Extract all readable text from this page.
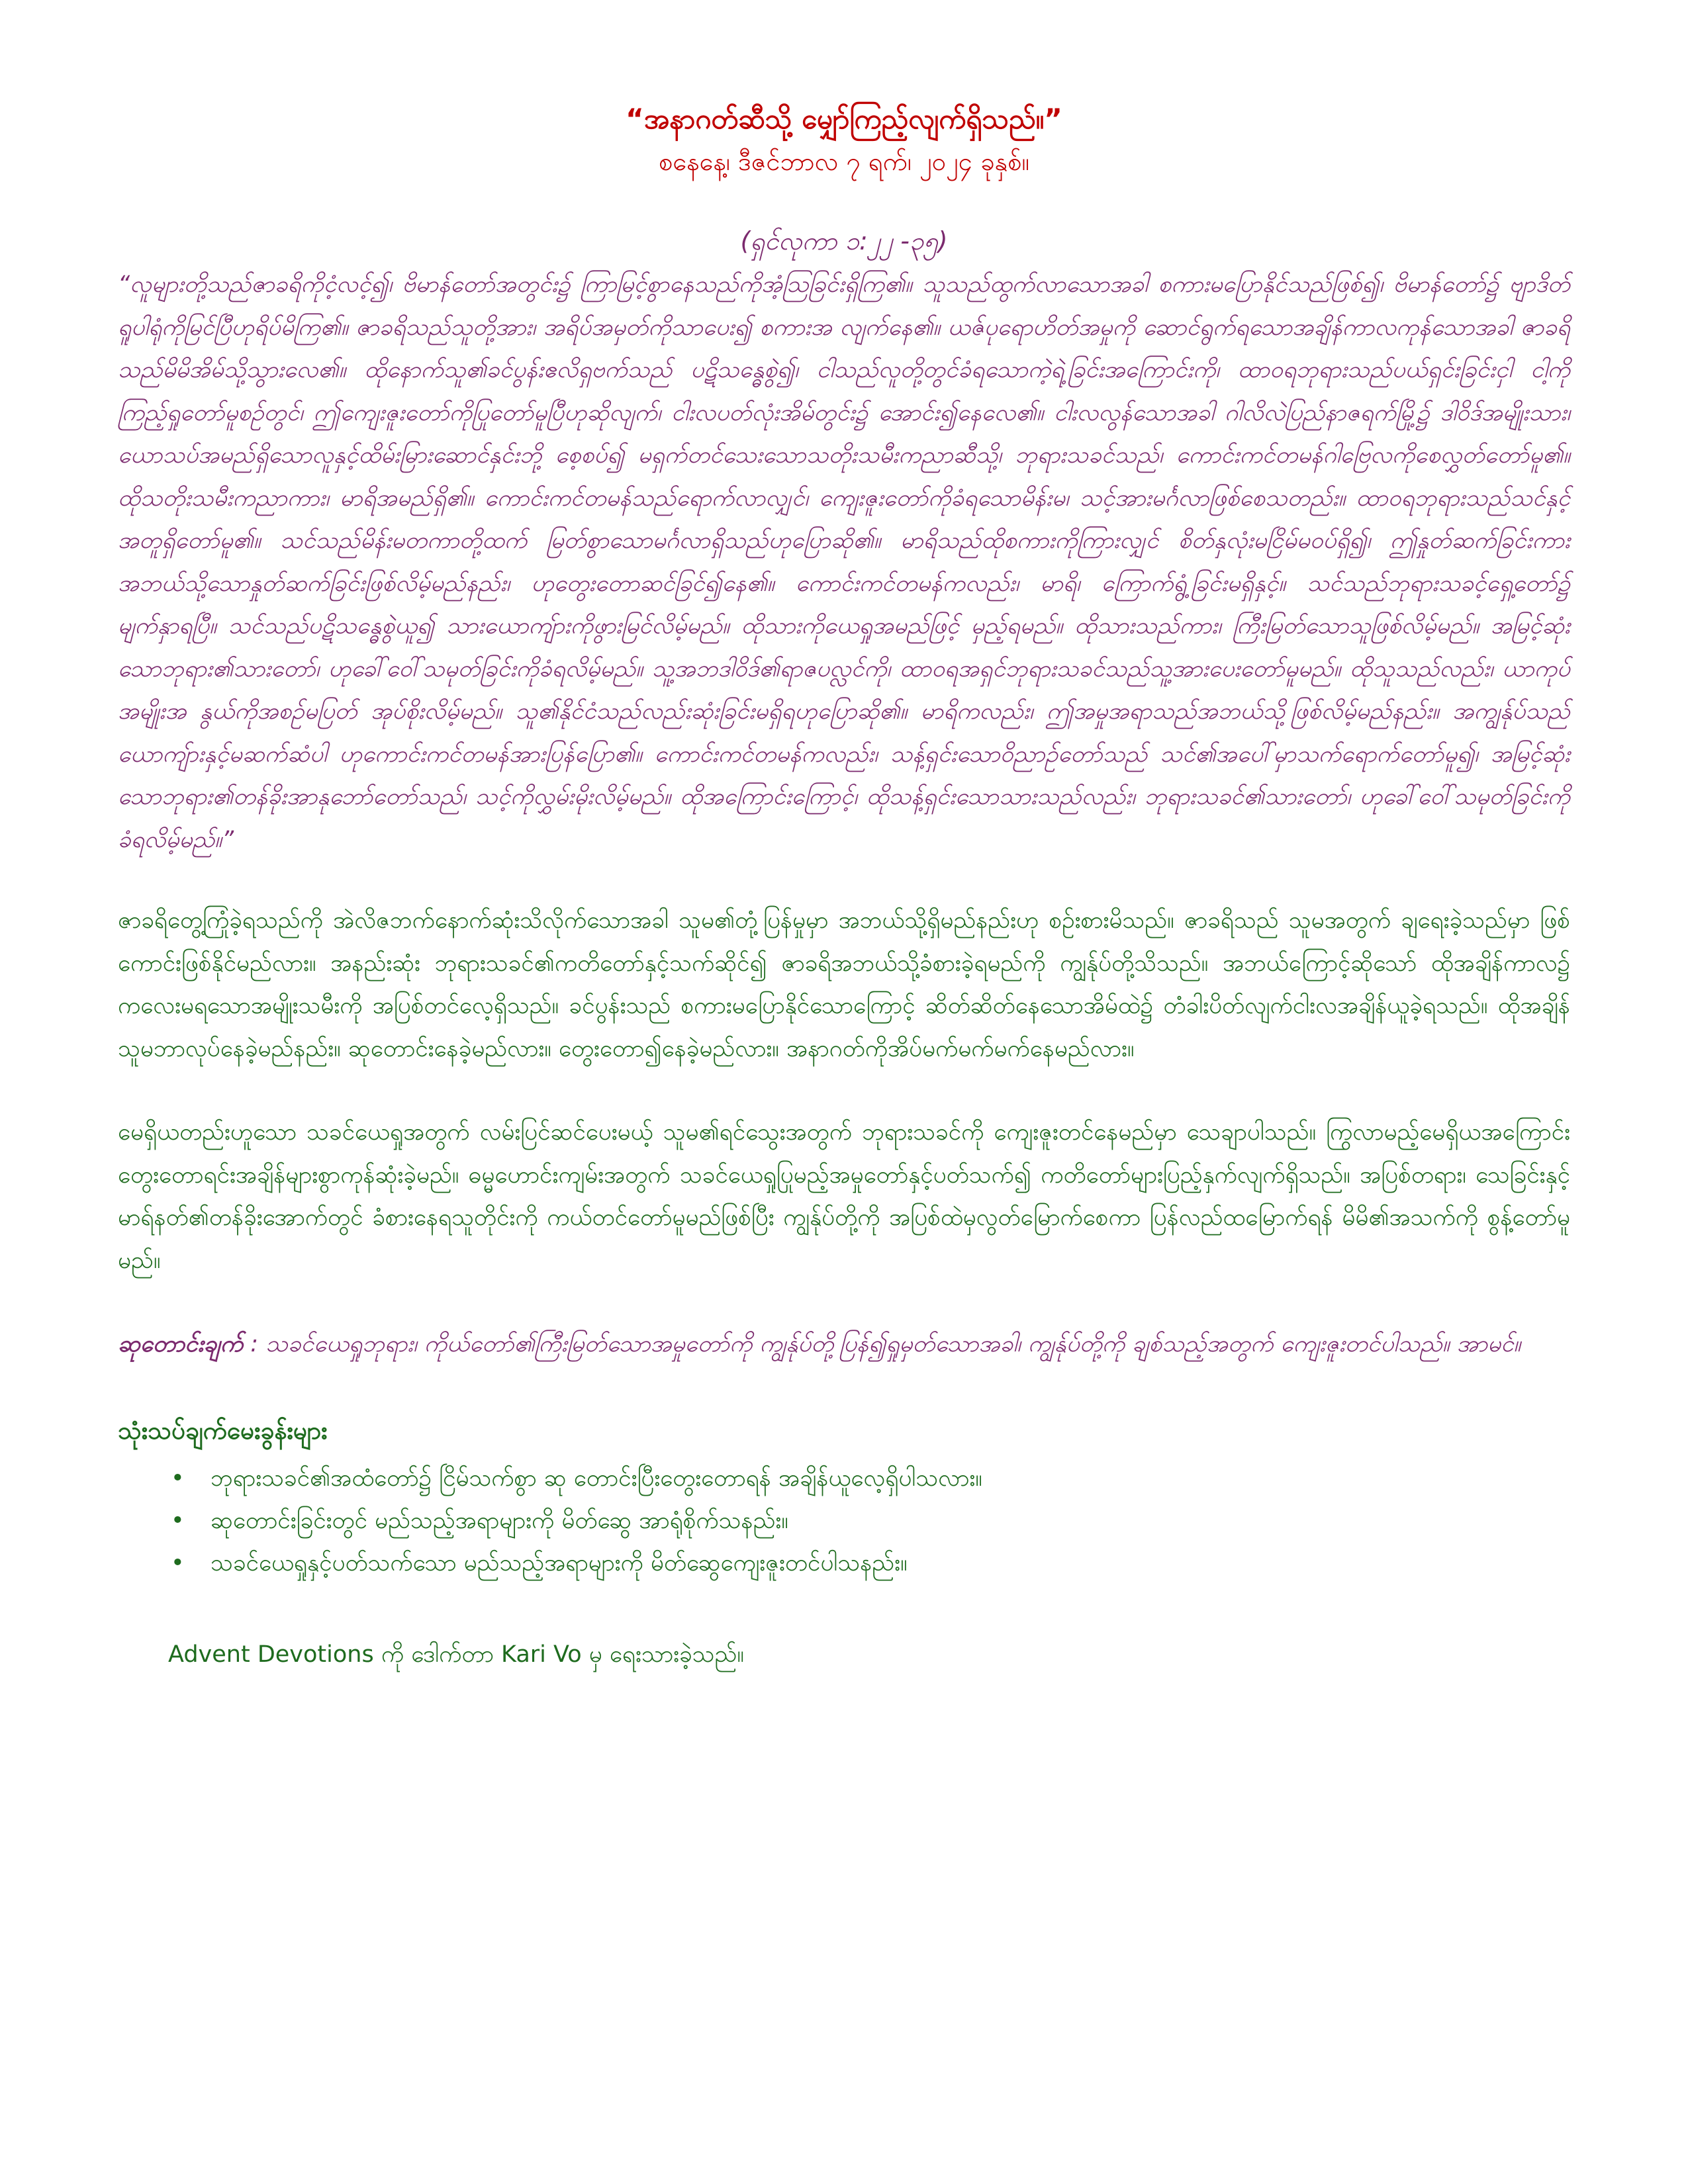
“အနာဂတ်ဆီသို့ မျှော်ကြည့်လျက်ရှိသည်။”

စနေနေ့၊ ဒီဇင်ဘာလ ၇ ရက်၊ ၂၀၂၄ ခုနှစ်။

(ရှင်လုကာ ၁:၂၂ -၃၅)

“လူများတို့သည်ဇာခရိကိုငံ့လင့်၍၊ ဗိမာန်တော်အတွင်း၌ ကြာမြင့်စွာနေသည်ကိုအံ့ဩခြင်းရှိကြ၏။ သူသည်ထွက်လာသောအခါ စကားမပြောနိုင်သည်ဖြစ်၍၊ ဗိမာန်တော်၌ ဗျာဒိတ်ရူပါရုံကိုမြင်ပြီဟုရိပ်မိကြ၏။ ဇာခရိသည်သူတို့အား၊ အရိပ်အမှတ်ကိုသာပေး၍ စကားအ လျက်နေ၏။ ယဇ်ပုရောဟိတ်အမှုကို ဆောင်ရွက်ရသောအချိန်ကာလကုန်သောအခါ ဇာခရိသည်မိမိအိမ်သို့သွားလေ၏။ ထိုနောက်သူ၏ခင်ပွန်းဧလိရှဗက်သည် ပဋိသန္ဓေစွဲ၍၊ ငါသည်လူတို့တွင်ခံရသောကဲ့ရဲ့ခြင်းအကြောင်းကို၊ ထာဝရဘုရားသည်ပယ်ရှင်းခြင်းငှါ ငါ့ကိုကြည့်ရှုတော်မူစဉ်တွင်၊ ဤကျေးဇူးတော်ကိုပြုတော်မူပြီဟုဆိုလျက်၊ ငါးလပတ်လုံးအိမ်တွင်း၌ အောင်း၍နေလေ၏။ ငါးလလွန်သောအခါ ဂါလိလဲပြည်နာဇရက်မြို့၌ ဒါဝိဒ်အမျိုးသား၊ ယောသပ်အမည်ရှိသောလူနှင့်ထိမ်းမြားဆောင်နှင်းဘို့ စေ့စပ်၍ မရှက်တင်သေးသောသတိုးသမီးကညာဆီသို့၊ ဘုရားသခင်သည်၊ ကောင်းကင်တမန်ဂါဗြေလကိုစေလွှတ်တော်မူ၏။ ထိုသတိုးသမီးကညာကား၊ မာရိအမည်ရှိ၏။ ကောင်းကင်တမန်သည်ရောက်လာလျှင်၊ ကျေးဇူးတော်ကိုခံရသောမိန်းမ၊ သင့်အားမင်္ဂလာဖြစ်စေသတည်း။ ထာဝရဘုရားသည်သင်နှင့်အတူရှိတော်မူ၏။ သင်သည်မိန်းမတကာတို့ထက် မြတ်စွာသောမင်္ဂလာရှိသည်ဟုပြောဆို၏။ မာရိသည်ထိုစကားကိုကြားလျှင် စိတ်နှလုံးမငြိမ်မဝပ်ရှိ၍၊ ဤနှုတ်ဆက်ခြင်းကားအဘယ်သို့သောနှုတ်ဆက်ခြင်းဖြစ်လိမ့်မည်နည်း၊ ဟုတွေးတောဆင်ခြင်၍နေ၏။ ကောင်းကင်တမန်ကလည်း၊ မာရိ၊ ကြောက်ရွံ့ခြင်းမရှိနှင့်။ သင်သည်ဘုရားသခင့်ရှေ့တော်၌ မျက်နှာရပြီ။ သင်သည်ပဋိသန္ဓေစွဲယူ၍ သားယောကျ်ားကိုဖွားမြင်လိမ့်မည်။ ထိုသားကိုယေရှုအမည်ဖြင့် မှည့်ရမည်။ ထိုသားသည်ကား၊ ကြီးမြတ်သောသူဖြစ်လိမ့်မည်။ အမြင့်ဆုံးသောဘုရား၏သားတော်၊ ဟုခေါ်ဝေါ်သမုတ်ခြင်းကိုခံရလိမ့်မည်။ သူ့အဘဒါဝိဒ်၏ရာဇပလ္လင်ကို၊ ထာဝရအရှင်ဘုရားသခင်သည်သူ့အားပေးတော်မူမည်။ ထိုသူသည်လည်း၊ ယာကုပ်အမျိုးအ နွယ်ကိုအစဉ်မပြတ် အုပ်စိုးလိမ့်မည်။ သူ၏နိုင်ငံသည်လည်းဆုံးခြင်းမရှိရဟုပြောဆို၏။ မာရိကလည်း၊ ဤအမှုအရာသည်အဘယ်သို့ဖြစ်လိမ့်မည်နည်း။ အကျွန်ုပ်သည် ယောကျ်ားနှင့်မဆက်ဆံပါ ဟုကောင်းကင်တမန်အားပြန်ပြော၏။ ကောင်းကင်တမန်ကလည်း၊ သန့်ရှင်းသောဝိညာဉ်တော်သည် သင်၏အပေါ်မှာသက်ရောက်တော်မူ၍၊ အမြင့်ဆုံးသောဘုရား၏တန်ခိုးအာနုဘော်တော်သည်၊ သင့်ကိုလွှမ်းမိုးလိမ့်မည်။ ထိုအကြောင်းကြောင့်၊ ထိုသန့်ရှင်းသောသားသည်လည်း၊ ဘုရားသခင်၏သားတော်၊ ဟုခေါ်ဝေါ်သမုတ်ခြင်းကိုခံရလိမ့်မည်။”

ဇာခရိတွေ့ကြုံခဲ့ရသည်ကို အဲလိဇဘက်နောက်ဆုံးသိလိုက်သောအခါ သူမ၏တုံ့ပြန်မှုမှာ အဘယ်သို့ရှိမည်နည်းဟု စဉ်းစားမိသည်။ ဇာခရိသည် သူမအတွက် ချရေးခဲ့သည်မှာ ဖြစ်ကောင်းဖြစ်နိုင်မည်လား။ အနည်းဆုံး ဘုရားသခင်၏ကတိတော်နှင့်သက်ဆိုင်၍ ဇာခရိအဘယ်သို့ခံစားခဲ့ရမည်ကို ကျွန်ုပ်တို့သိသည်။ အဘယ်ကြောင့်ဆိုသော် ထိုအချိန်ကာလ၌ ကလေးမရသောအမျိုးသမီးကို အပြစ်တင်လေ့ရှိသည်။ ခင်ပွန်းသည် စကားမပြောနိုင်သောကြောင့် ဆိတ်ဆိတ်နေသောအိမ်ထဲ၌ တံခါးပိတ်လျက်ငါးလအချိန်ယူခဲ့ရသည်။ ထိုအချိန် သူမဘာလုပ်နေခဲ့မည်နည်း။ ဆုတောင်းနေခဲ့မည်လား။ တွေးတော၍နေခဲ့မည်လား။ အနာဂတ်ကိုအိပ်မက်မက်မက်နေမည်လား။

မေရှိယတည်းဟူသော သခင်ယေရှုအတွက် လမ်းပြင်ဆင်ပေးမယ့် သူမ၏ရင်သွေးအတွက် ဘုရားသခင်ကို ကျေးဇူးတင်နေမည်မှာ သေချာပါသည်။ ကြွလာမည့်မေရှိယအကြောင်း တွေးတောရင်းအချိန်များစွာကုန်ဆုံးခဲ့မည်။ ဓမ္မဟောင်းကျမ်းအတွက် သခင်ယေရှုပြုမည့်အမှုတော်နှင့်ပတ်သက်၍ ကတိတော်များပြည့်နှက်လျက်ရှိသည်။ အပြစ်တရား၊ သေခြင်းနှင့်မာရ်နတ်၏တန်ခိုးအောက်တွင် ခံစားနေရသူတိုင်းကို ကယ်တင်တော်မူမည်ဖြစ်ပြီး ကျွန်ုပ်တို့ကို အပြစ်ထဲမှလွတ်မြောက်စေကာ ပြန်လည်ထမြောက်ရန် မိမိ၏အသက်ကို စွန့်တော်မူမည်။

ဆုတောင်းချက် : သခင်ယေရှုဘုရား၊ ကိုယ်တော်၏ကြီးမြတ်သောအမှုတော်ကို ကျွန်ုပ်တို့ပြန်၍ရှုမှတ်သောအခါ၊ ကျွန်ုပ်တို့ကို ချစ်သည့်အတွက် ကျေးဇူးတင်ပါသည်။ အာမင်။

သုံးသပ်ချက်မေးခွန်းများ
• ဘုရားသခင်၏အထံတော်၌ ငြိမ်သက်စွာ ဆု တောင်းပြီးတွေးတောရန် အချိန်ယူလေ့ရှိပါသလား။
• ဆုတောင်းခြင်းတွင် မည်သည့်အရာများကို မိတ်ဆွေ အာရုံစိုက်သနည်း။
• သခင်ယေရှုနှင့်ပတ်သက်သော မည်သည့်အရာများကို မိတ်ဆွေကျေးဇူးတင်ပါသနည်း။

Advent Devotions ကို ဒေါက်တာ Kari Vo မှ ရေးသားခဲ့သည်။
